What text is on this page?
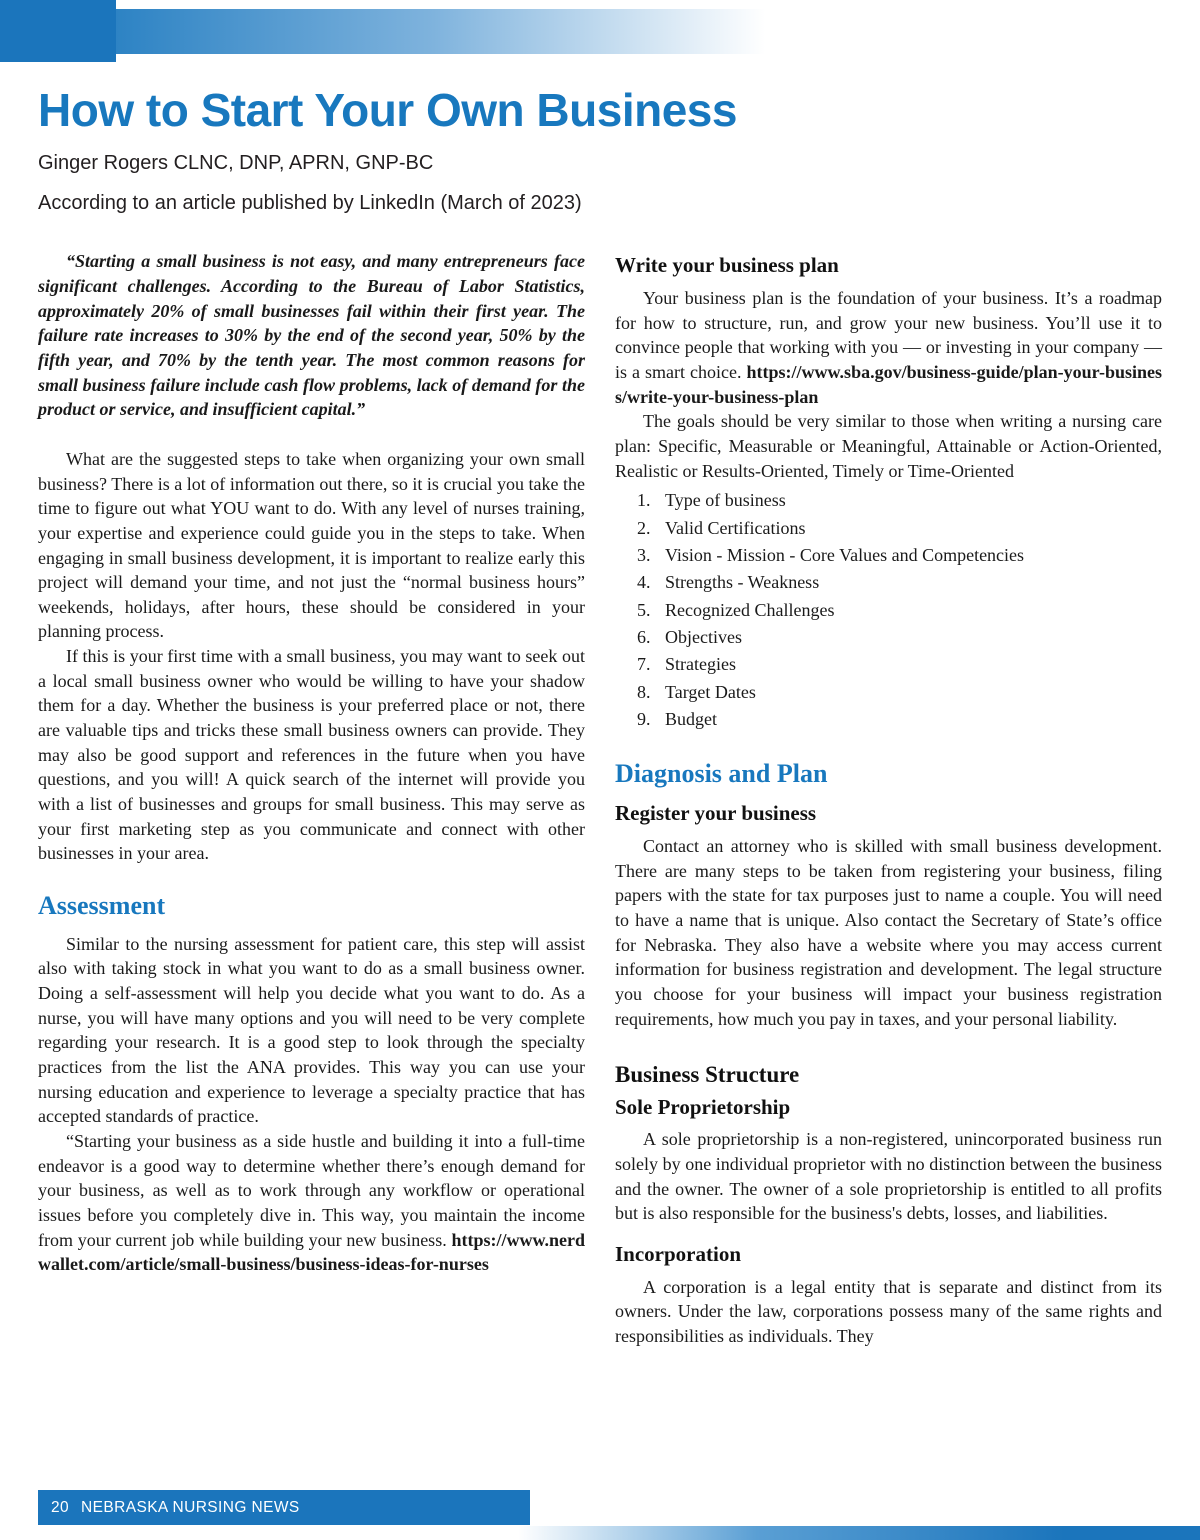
How to Start Your Own Business

Ginger Rogers CLNC, DNP, APRN, GNP-BC

According to an article published by LinkedIn (March of 2023)

“Starting a small business is not easy, and many entrepreneurs face significant challenges. According to the Bureau of Labor Statistics, approximately 20% of small businesses fail within their first year. The failure rate increases to 30% by the end of the second year, 50% by the fifth year, and 70% by the tenth year. The most common reasons for small business failure include cash flow problems, lack of demand for the product or service, and insufficient capital.”

What are the suggested steps to take when organizing your own small business? There is a lot of information out there, so it is crucial you take the time to figure out what YOU want to do. With any level of nurses training, your expertise and experience could guide you in the steps to take. When engaging in small business development, it is important to realize early this project will demand your time, and not just the “normal business hours” weekends, holidays, after hours, these should be considered in your planning process.

If this is your first time with a small business, you may want to seek out a local small business owner who would be willing to have your shadow them for a day. Whether the business is your preferred place or not, there are valuable tips and tricks these small business owners can provide. They may also be good support and references in the future when you have questions, and you will! A quick search of the internet will provide you with a list of businesses and groups for small business. This may serve as your first marketing step as you communicate and connect with other businesses in your area.

Assessment

Similar to the nursing assessment for patient care, this step will assist also with taking stock in what you want to do as a small business owner. Doing a self-assessment will help you decide what you want to do. As a nurse, you will have many options and you will need to be very complete regarding your research. It is a good step to look through the specialty practices from the list the ANA provides. This way you can use your nursing education and experience to leverage a specialty practice that has accepted standards of practice.

“Starting your business as a side hustle and building it into a full-time endeavor is a good way to determine whether there’s enough demand for your business, as well as to work through any workflow or operational issues before you completely dive in. This way, you maintain the income from your current job while building your new business. https://www.nerdwallet.com/article/small-business/business-ideas-for-nurses

Write your business plan

Your business plan is the foundation of your business. It’s a roadmap for how to structure, run, and grow your new business. You’ll use it to convince people that working with you — or investing in your company — is a smart choice. https://www.sba.gov/business-guide/plan-your-business/write-your-business-plan

The goals should be very similar to those when writing a nursing care plan: Specific, Measurable or Meaningful, Attainable or Action-Oriented, Realistic or Results-Oriented, Timely or Time-Oriented

1. Type of business
2. Valid Certifications
3. Vision - Mission - Core Values and Competencies
4. Strengths - Weakness
5. Recognized Challenges
6. Objectives
7. Strategies
8. Target Dates
9. Budget
Diagnosis and Plan
Register your business

Contact an attorney who is skilled with small business development. There are many steps to be taken from registering your business, filing papers with the state for tax purposes just to name a couple. You will need to have a name that is unique. Also contact the Secretary of State’s office for Nebraska. They also have a website where you may access current information for business registration and development. The legal structure you choose for your business will impact your business registration requirements, how much you pay in taxes, and your personal liability.

Business Structure
Sole Proprietorship

A sole proprietorship is a non-registered, unincorporated business run solely by one individual proprietor with no distinction between the business and the owner. The owner of a sole proprietorship is entitled to all profits but is also responsible for the business's debts, losses, and liabilities.

Incorporation

A corporation is a legal entity that is separate and distinct from its owners. Under the law, corporations possess many of the same rights and responsibilities as individuals. They

20 NEBRASKA NURSING NEWS
